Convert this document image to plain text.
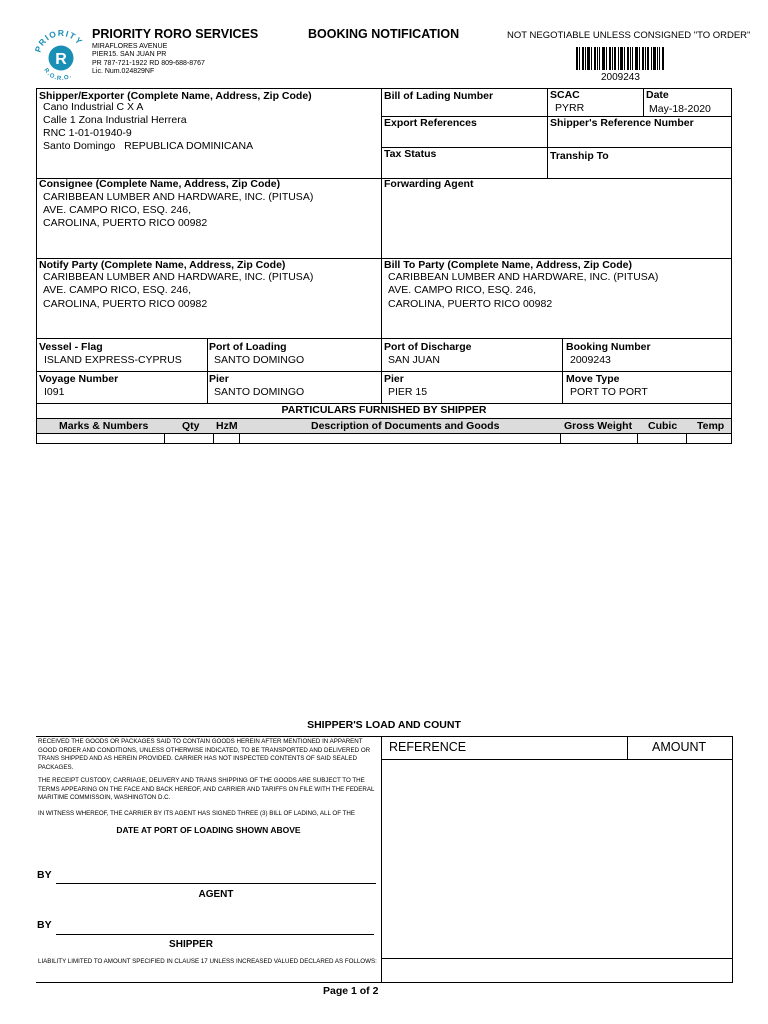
PRIORITY
R
R.O.R.O.
PRIORITY RORO SERVICES
MIRAFLORES AVENUE
PIER15. SAN JUAN PR
PR 787-721-1922 RD 809-688-8767
Lic. Num.024829NF
BOOKING NOTIFICATION	NOT NEGOTIABLE UNLESS CONSIGNED "TO ORDER"
2009243
Shipper/Exporter (Complete Name, Address, Zip Code)
Cano Industrial C X A
Calle 1 Zona Industrial Herrera
RNC 1-01-01940-9
Santo Domingo   REPUBLICA DOMINICANA
Bill of Lading Number	SCAC
PYRR
Date
May-18-2020
Export References	Shipper's Reference Number
Tax Status	Tranship To
Consignee (Complete Name, Address, Zip Code)
CARIBBEAN LUMBER AND HARDWARE, INC. (PITUSA)
AVE. CAMPO RICO, ESQ. 246,
CAROLINA, PUERTO RICO 00982
Forwarding Agent
Notify Party (Complete Name, Address, Zip Code)
CARIBBEAN LUMBER AND HARDWARE, INC. (PITUSA)
AVE. CAMPO RICO, ESQ. 246,
CAROLINA, PUERTO RICO 00982
Bill To Party (Complete Name, Address, Zip Code)
CARIBBEAN LUMBER AND HARDWARE, INC. (PITUSA)
AVE. CAMPO RICO, ESQ. 246,
CAROLINA, PUERTO RICO 00982
Vessel - Flag
ISLAND EXPRESS-CYPRUS
Port of Loading
SANTO DOMINGO
Port of Discharge
SAN JUAN
Booking Number
2009243
Voyage Number
I091
Pier
SANTO DOMINGO
Pier
PIER 15
Move Type
PORT TO PORT
PARTICULARS FURNISHED BY SHIPPER
Marks & Numbers	Qty HzM	Description of Documents and Goods	Gross Weight Cubic Temp
SHIPPER'S LOAD AND COUNT
REFERENCE	AMOUNT
RECEIVED THE GOODS OR PACKAGES SAID TO CONTAIN GOODS HEREIN AFTER MENTIONED IN APPARENT GOOD ORDER AND CONDITIONS, UNLESS OTHERWISE INDICATED, TO BE TRANSPORTED AND DELIVERED OR TRANS SHIPPED AND AS HEREIN PROVIDED. CARRIER HAS NOT INSPECTED CONTENTS OF SAID SEALED PACKAGES.
THE RECEIPT CUSTODY, CARRIAGE, DELIVERY AND TRANS SHIPPING OF THE GOODS ARE SUBJECT TO THE TERMS APPEARING ON THE FACE AND BACK HEREOF, AND CARRIER AND TARIFFS ON FILE WITH THE FEDERAL MARITIME COMMISSOIN, WASHINGTON D.C.
IN WITNESS WHEREOF, THE CARRIER BY ITS AGENT HAS SIGNED THREE (3) BILL OF LADING, ALL OF THE
DATE AT PORT OF LOADING SHOWN ABOVE
BY
AGENT
BY
SHIPPER
LIABILITY LIMITED TO AMOUNT SPECIFIED IN CLAUSE 17 UNLESS INCREASED VALUED DECLARED AS FOLLOWS:
Page 1 of 2
